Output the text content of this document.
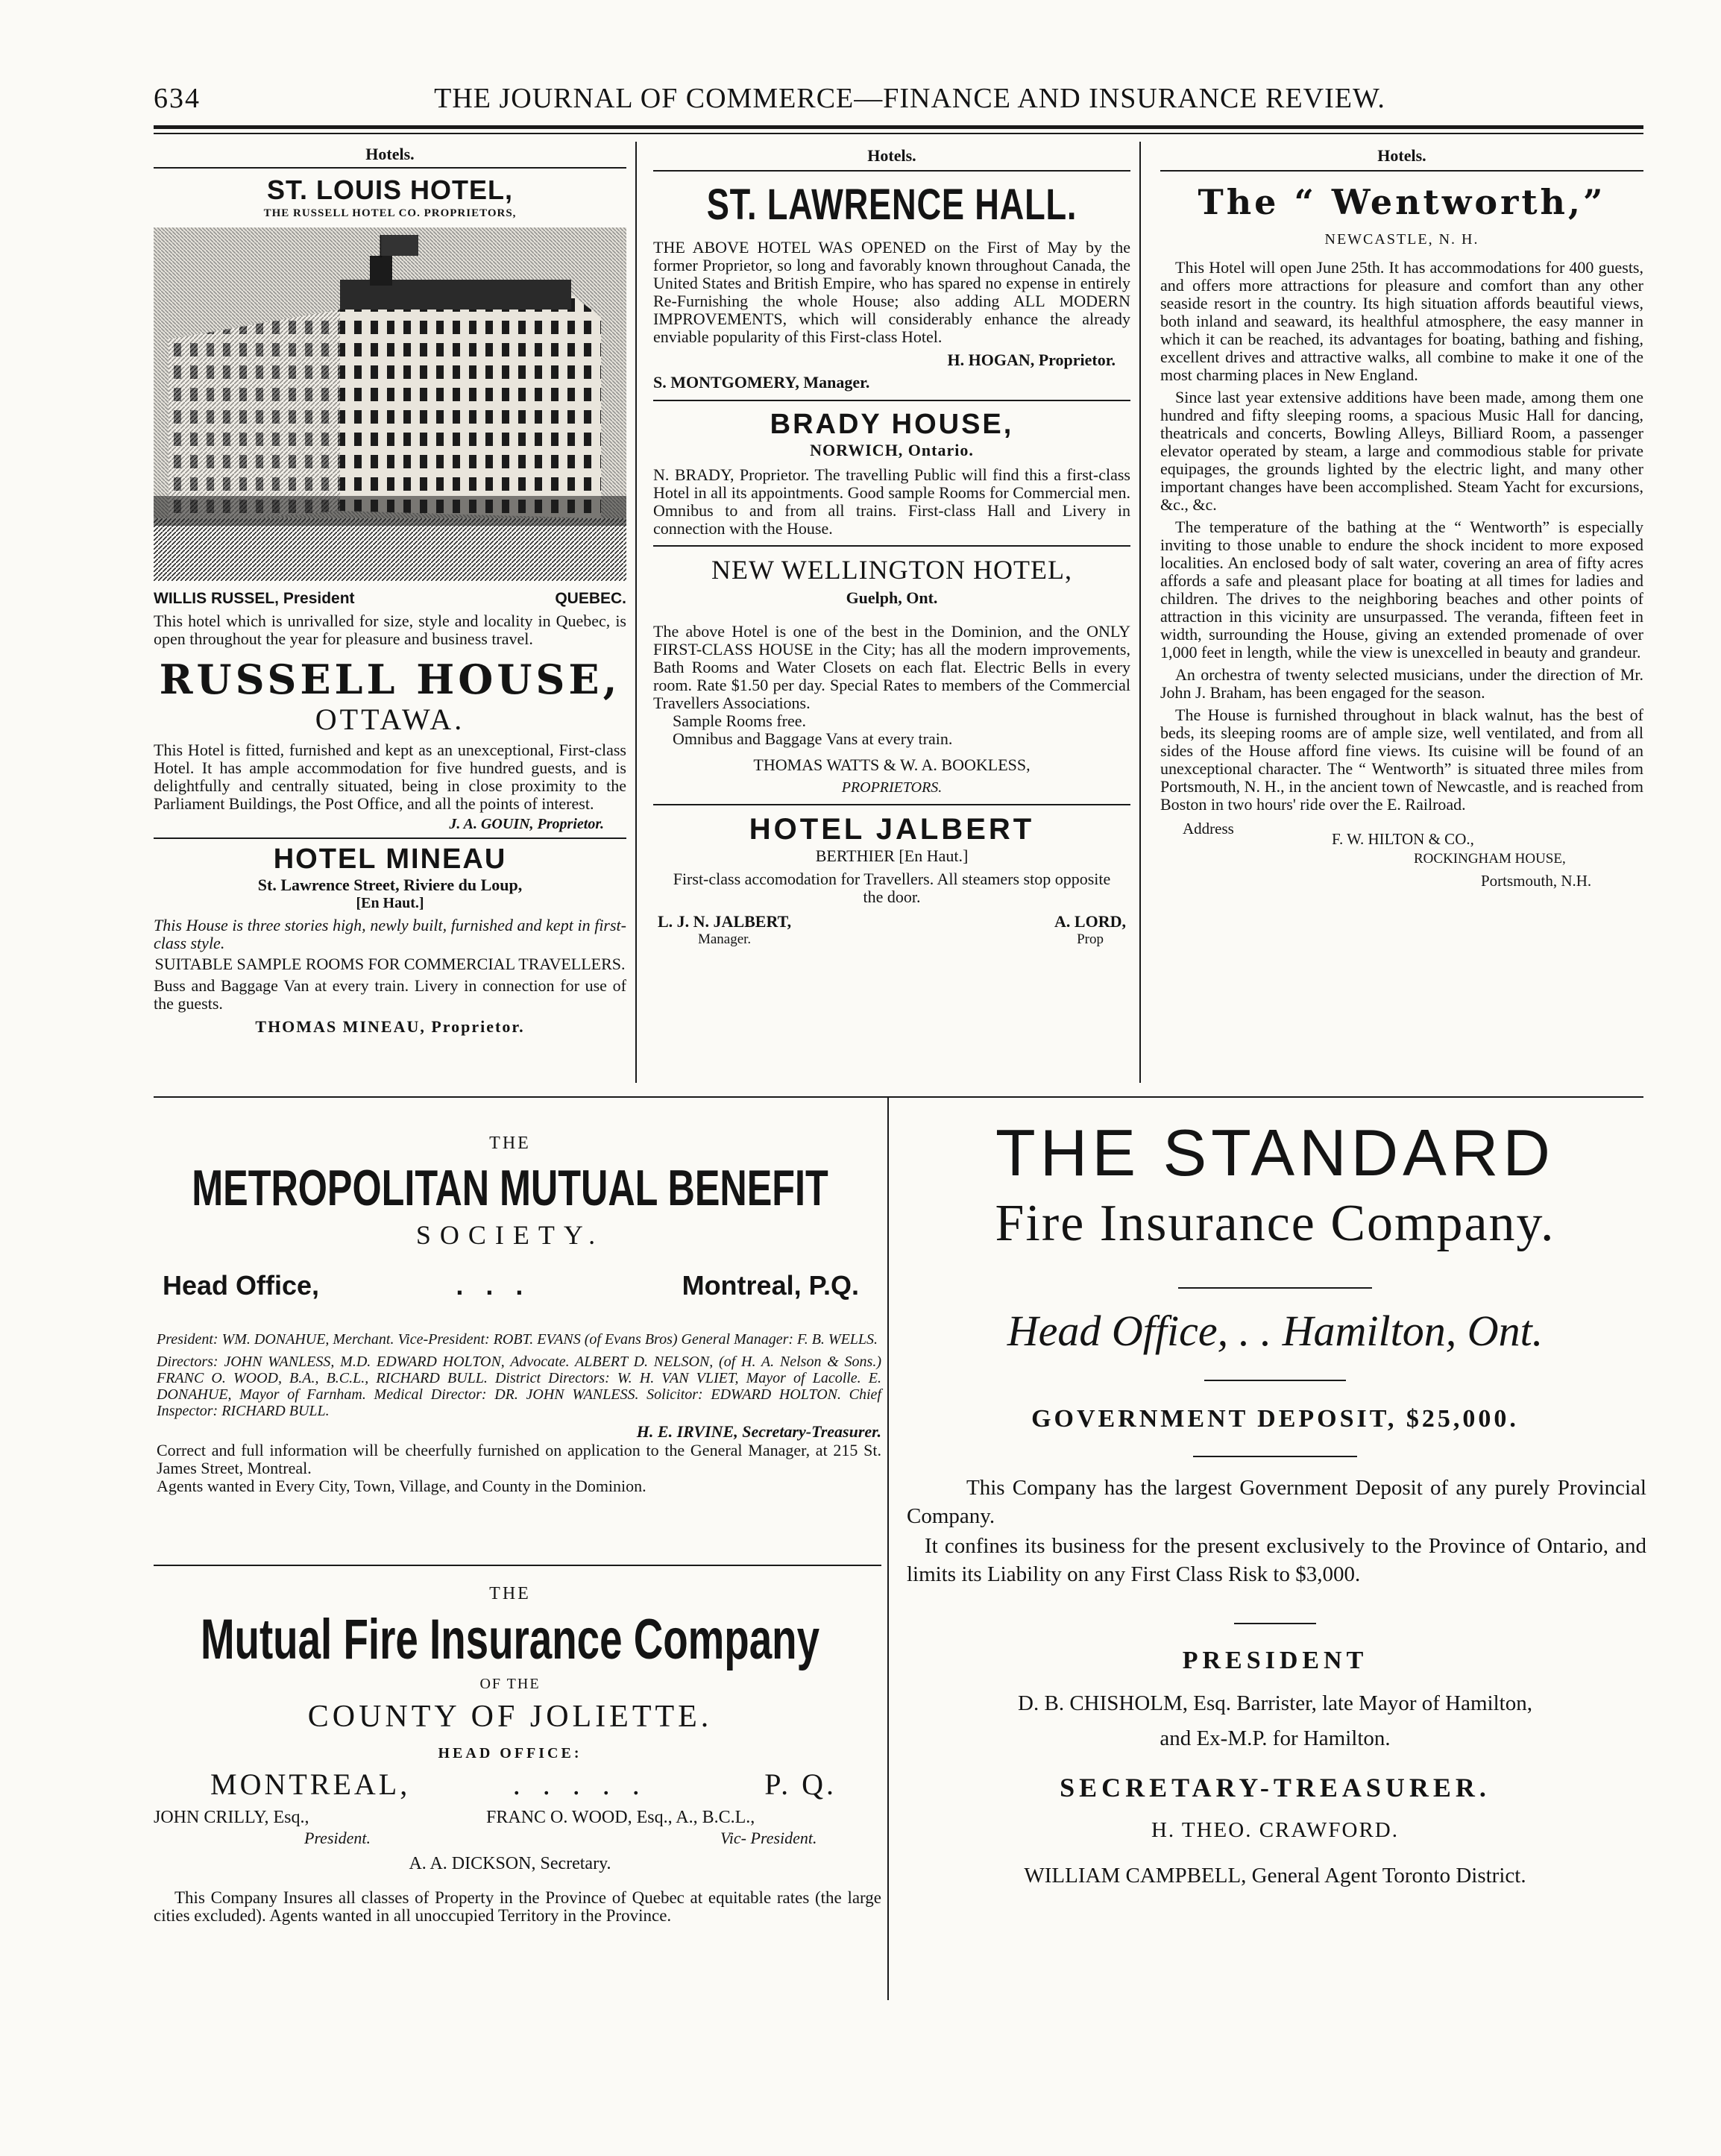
634	THE JOURNAL OF COMMERCE—FINANCE AND INSURANCE REVIEW.
Hotels.
ST. LOUIS HOTEL,
THE RUSSELL HOTEL CO. PROPRIETORS,
WILLIS RUSSEL, President	QUEBEC.

This hotel which is unrivalled for size, style and locality in Quebec, is open throughout the year for pleasure and business travel.

RUSSELL HOUSE,
OTTAWA.

This Hotel is fitted, furnished and kept as an unexceptional, First-class Hotel. It has ample accommodation for five hundred guests, and is delightfully and centrally situated, being in close proximity to the Parliament Buildings, the Post Office, and all the points of interest.

J. A. GOUIN, Proprietor.
HOTEL MINEAU
St. Lawrence Street, Riviere du Loup,
[En Haut.]

This House is three stories high, newly built, furnished and kept in first-class style.

SUITABLE SAMPLE ROOMS FOR COMMERCIAL TRAVELLERS.

Buss and Baggage Van at every train. Livery in connection for use of the guests.

THOMAS MINEAU, Proprietor.
Hotels.
ST. LAWRENCE HALL.

THE ABOVE HOTEL WAS OPENED on the First of May by the former Proprietor, so long and favorably known throughout Canada, the United States and British Empire, who has spared no expense in entirely Re-Furnishing the whole House; also adding ALL MODERN IMPROVEMENTS, which will considerably enhance the already enviable popularity of this First-class Hotel.

H. HOGAN, Proprietor.
S. MONTGOMERY, Manager.
BRADY HOUSE,
NORWICH, Ontario.

N. BRADY, Proprietor. The travelling Public will find this a first-class Hotel in all its appointments. Good sample Rooms for Commercial men. Omnibus to and from all trains. First-class Hall and Livery in connection with the House.

NEW WELLINGTON HOTEL,
Guelph, Ont.

The above Hotel is one of the best in the Dominion, and the ONLY FIRST-CLASS HOUSE in the City; has all the modern improvements, Bath Rooms and Water Closets on each flat. Electric Bells in every room. Rate $1.50 per day. Special Rates to members of the Commercial Travellers Associations.

Sample Rooms free.

Omnibus and Baggage Vans at every train.

THOMAS WATTS & W. A. BOOKLESS,
PROPRIETORS.
HOTEL JALBERT
BERTHIER [En Haut.]

First-class accomodation for Travellers. All steamers stop opposite the door.

L. J. N. JALBERT,
Manager.
A. LORD,
Prop
Hotels.
The “ Wentworth,”
NEWCASTLE, N. H.

This Hotel will open June 25th. It has accommodations for 400 guests, and offers more attractions for pleasure and comfort than any other seaside resort in the country. Its high situation affords beautiful views, both inland and seaward, its healthful atmosphere, the easy manner in which it can be reached, its advantages for boating, bathing and fishing, excellent drives and attractive walks, all combine to make it one of the most charming places in New England.

Since last year extensive additions have been made, among them one hundred and fifty sleeping rooms, a spacious Music Hall for dancing, theatricals and concerts, Bowling Alleys, Billiard Room, a passenger elevator operated by steam, a large and commodious stable for private equipages, the grounds lighted by the electric light, and many other important changes have been accomplished. Steam Yacht for excursions, &c., &c.

The temperature of the bathing at the “ Wentworth” is especially inviting to those unable to endure the shock incident to more exposed localities. An enclosed body of salt water, covering an area of fifty acres affords a safe and pleasant place for boating at all times for ladies and children. The drives to the neighboring beaches and other points of attraction in this vicinity are unsurpassed. The veranda, fifteen feet in width, surrounding the House, giving an extended promenade of over 1,000 feet in length, while the view is unexcelled in beauty and grandeur.

An orchestra of twenty selected musicians, under the direction of Mr. John J. Braham, has been engaged for the season.

The House is furnished throughout in black walnut, has the best of beds, its sleeping rooms are of ample size, well ventilated, and from all sides of the House afford fine views. Its cuisine will be found of an unexceptional character. The “ Wentworth” is situated three miles from Portsmouth, N. H., in the ancient town of Newcastle, and is reached from Boston in two hours' ride over the E. Railroad.

Address
F. W. HILTON & CO.,
ROCKINGHAM HOUSE,
Portsmouth, N.H.
THE
METROPOLITAN MUTUAL BENEFIT
SOCIETY.
Head Office,	...	Montreal, P.Q.

President: WM. DONAHUE, Merchant. Vice-President: ROBT. EVANS (of Evans Bros) General Manager: F. B. WELLS.

Directors: JOHN WANLESS, M.D. EDWARD HOLTON, Advocate. ALBERT D. NELSON, (of H. A. Nelson & Sons.) FRANC O. WOOD, B.A., B.C.L., RICHARD BULL. District Directors: W. H. VAN VLIET, Mayor of Lacolle. E. DONAHUE, Mayor of Farnham. Medical Director: DR. JOHN WANLESS. Solicitor: EDWARD HOLTON. Chief Inspector: RICHARD BULL.

H. E. IRVINE, Secretary-Treasurer.

Correct and full information will be cheerfully furnished on application to the General Manager, at 215 St. James Street, Montreal.

Agents wanted in Every City, Town, Village, and County in the Dominion.

THE
Mutual Fire Insurance Company
OF THE
COUNTY OF JOLIETTE.
HEAD OFFICE:
MONTREAL,	.....	P. Q.
JOHN CRILLY, Esq.,
President.
FRANC O. WOOD, Esq., A., B.C.L.,
Vic- President.
A. A. DICKSON, Secretary.

This Company Insures all classes of Property in the Province of Quebec at equitable rates (the large cities excluded). Agents wanted in all unoccupied Territory in the Province.

THE STANDARD
Fire Insurance Company.
Head Office, . . Hamilton, Ont.
GOVERNMENT DEPOSIT, $25,000.

This Company has the largest Government Deposit of any purely Provincial Company.

It confines its business for the present exclusively to the Province of Ontario, and limits its Liability on any First Class Risk to $3,000.

PRESIDENT
D. B. CHISHOLM, Esq. Barrister, late Mayor of Hamilton,
and Ex-M.P. for Hamilton.
SECRETARY-TREASURER.
H. THEO. CRAWFORD.
WILLIAM CAMPBELL, General Agent Toronto District.
